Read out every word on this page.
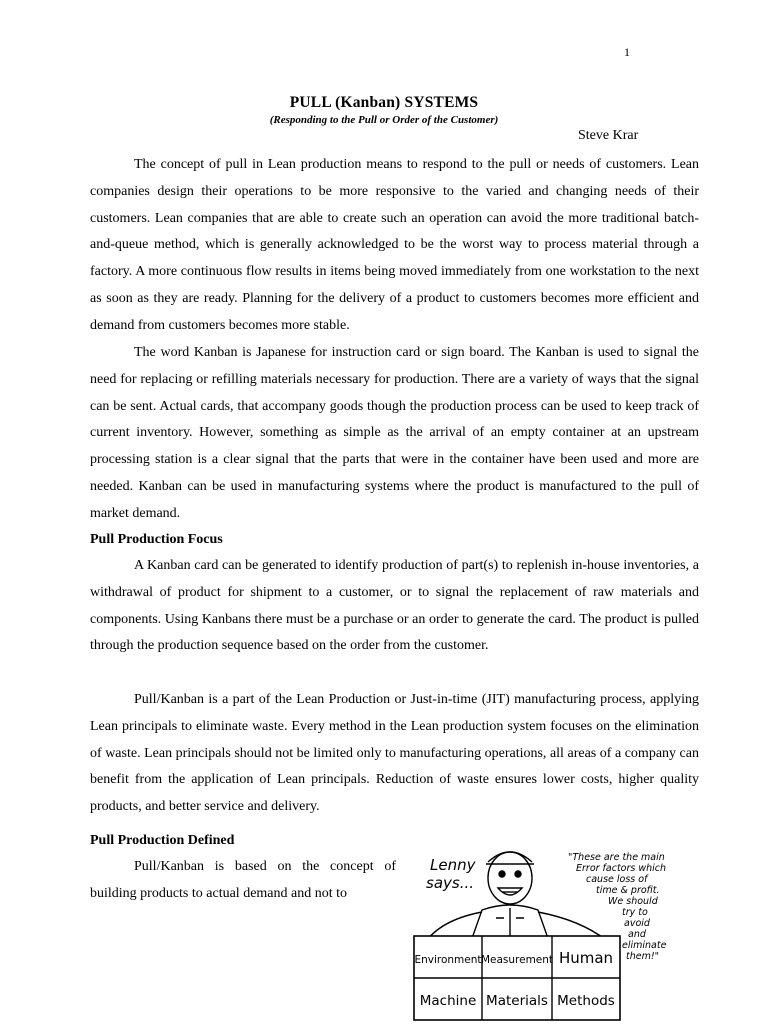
1
PULL (Kanban) SYSTEMS
(Responding to the Pull or Order of the Customer)
Steve Krar

The concept of pull in Lean production means to respond to the pull or needs of customers. Lean companies design their operations to be more responsive to the varied and changing needs of their customers. Lean companies that are able to create such an operation can avoid the more traditional batch-and-queue method, which is generally acknowledged to be the worst way to process material through a factory. A more continuous flow results in items being moved immediately from one workstation to the next as soon as they are ready. Planning for the delivery of a product to customers becomes more efficient and demand from customers becomes more stable.

The word Kanban is Japanese for instruction card or sign board. The Kanban is used to signal the need for replacing or refilling materials necessary for production. There are a variety of ways that the signal can be sent. Actual cards, that accompany goods though the production process can be used to keep track of current inventory. However, something as simple as the arrival of an empty container at an upstream processing station is a clear signal that the parts that were in the container have been used and more are needed. Kanban can be used in manufacturing systems where the product is manufactured to the pull of market demand.

Pull Production Focus

A Kanban card can be generated to identify production of part(s) to replenish in-house inventories, a withdrawal of product for shipment to a customer, or to signal the replacement of raw materials and components. Using Kanbans there must be a purchase or an order to generate the card. The product is pulled through the production sequence based on the order from the customer.

Pull/Kanban is a part of the Lean Production or Just-in-time (JIT) manufacturing process, applying Lean principals to eliminate waste. Every method in the Lean production system focuses on the elimination of waste. Lean principals should not be limited only to manufacturing operations, all areas of a company can benefit from the application of Lean principals. Reduction of waste ensures lower costs, higher quality products, and better service and delivery.

Pull Production Defined

Pull/Kanban is based on the concept of building products to actual demand and not to

Lenny
says...
"These are the main
Error factors which
cause loss of
time & profit.
We should
try to
avoid
and
eliminate
them!"
Environment Measurement Human
Machine Materials Methods
